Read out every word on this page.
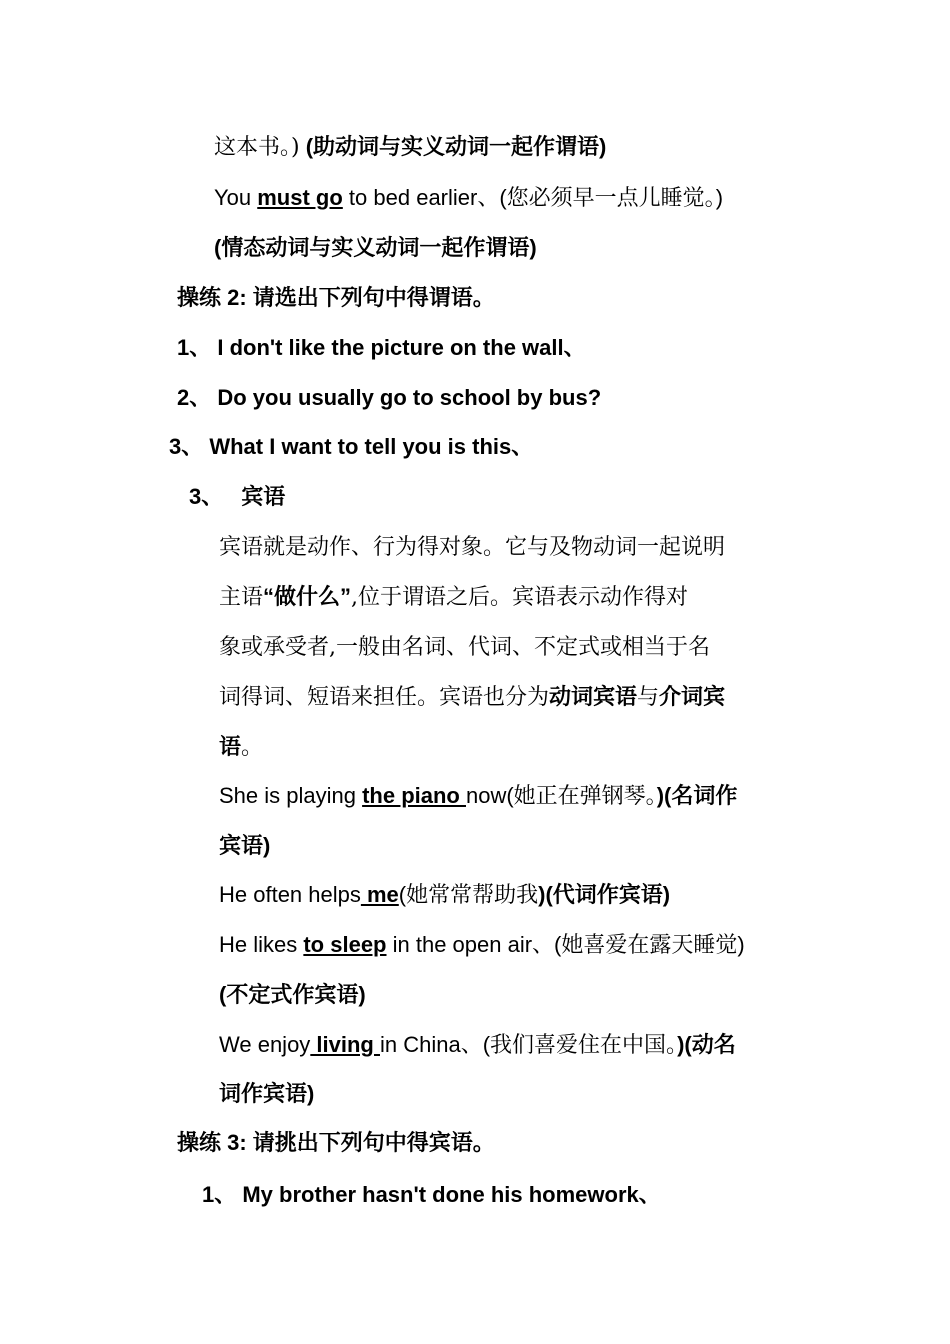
这本书。) (助动词与实义动词一起作谓语)
You must go to bed earlier、(您必须早一点儿睡觉。)
(情态动词与实义动词一起作谓语)
操练 2: 请选出下列句中得谓语。
1、 I don't like the picture on the wall、
2、 Do you usually go to school by bus?
3、 What I want to tell you is this、
3、 宾语
宾语就是动作、行为得对象。它与及物动词一起说明
主语“做什么”,位于谓语之后。宾语表示动作得对
象或承受者,一般由名词、代词、不定式或相当于名
词得词、短语来担任。宾语也分为动词宾语与介词宾
语。
She is playing the piano now(她正在弹钢琴。)(名词作
宾语)
He often helps me(她常常帮助我)(代词作宾语)
He likes to sleep in the open air、(她喜爱在露天睡觉)
(不定式作宾语)
We enjoy living in China、(我们喜爱住在中国。)(动名
词作宾语)
操练 3: 请挑出下列句中得宾语。
1、 My brother hasn't done his homework、
